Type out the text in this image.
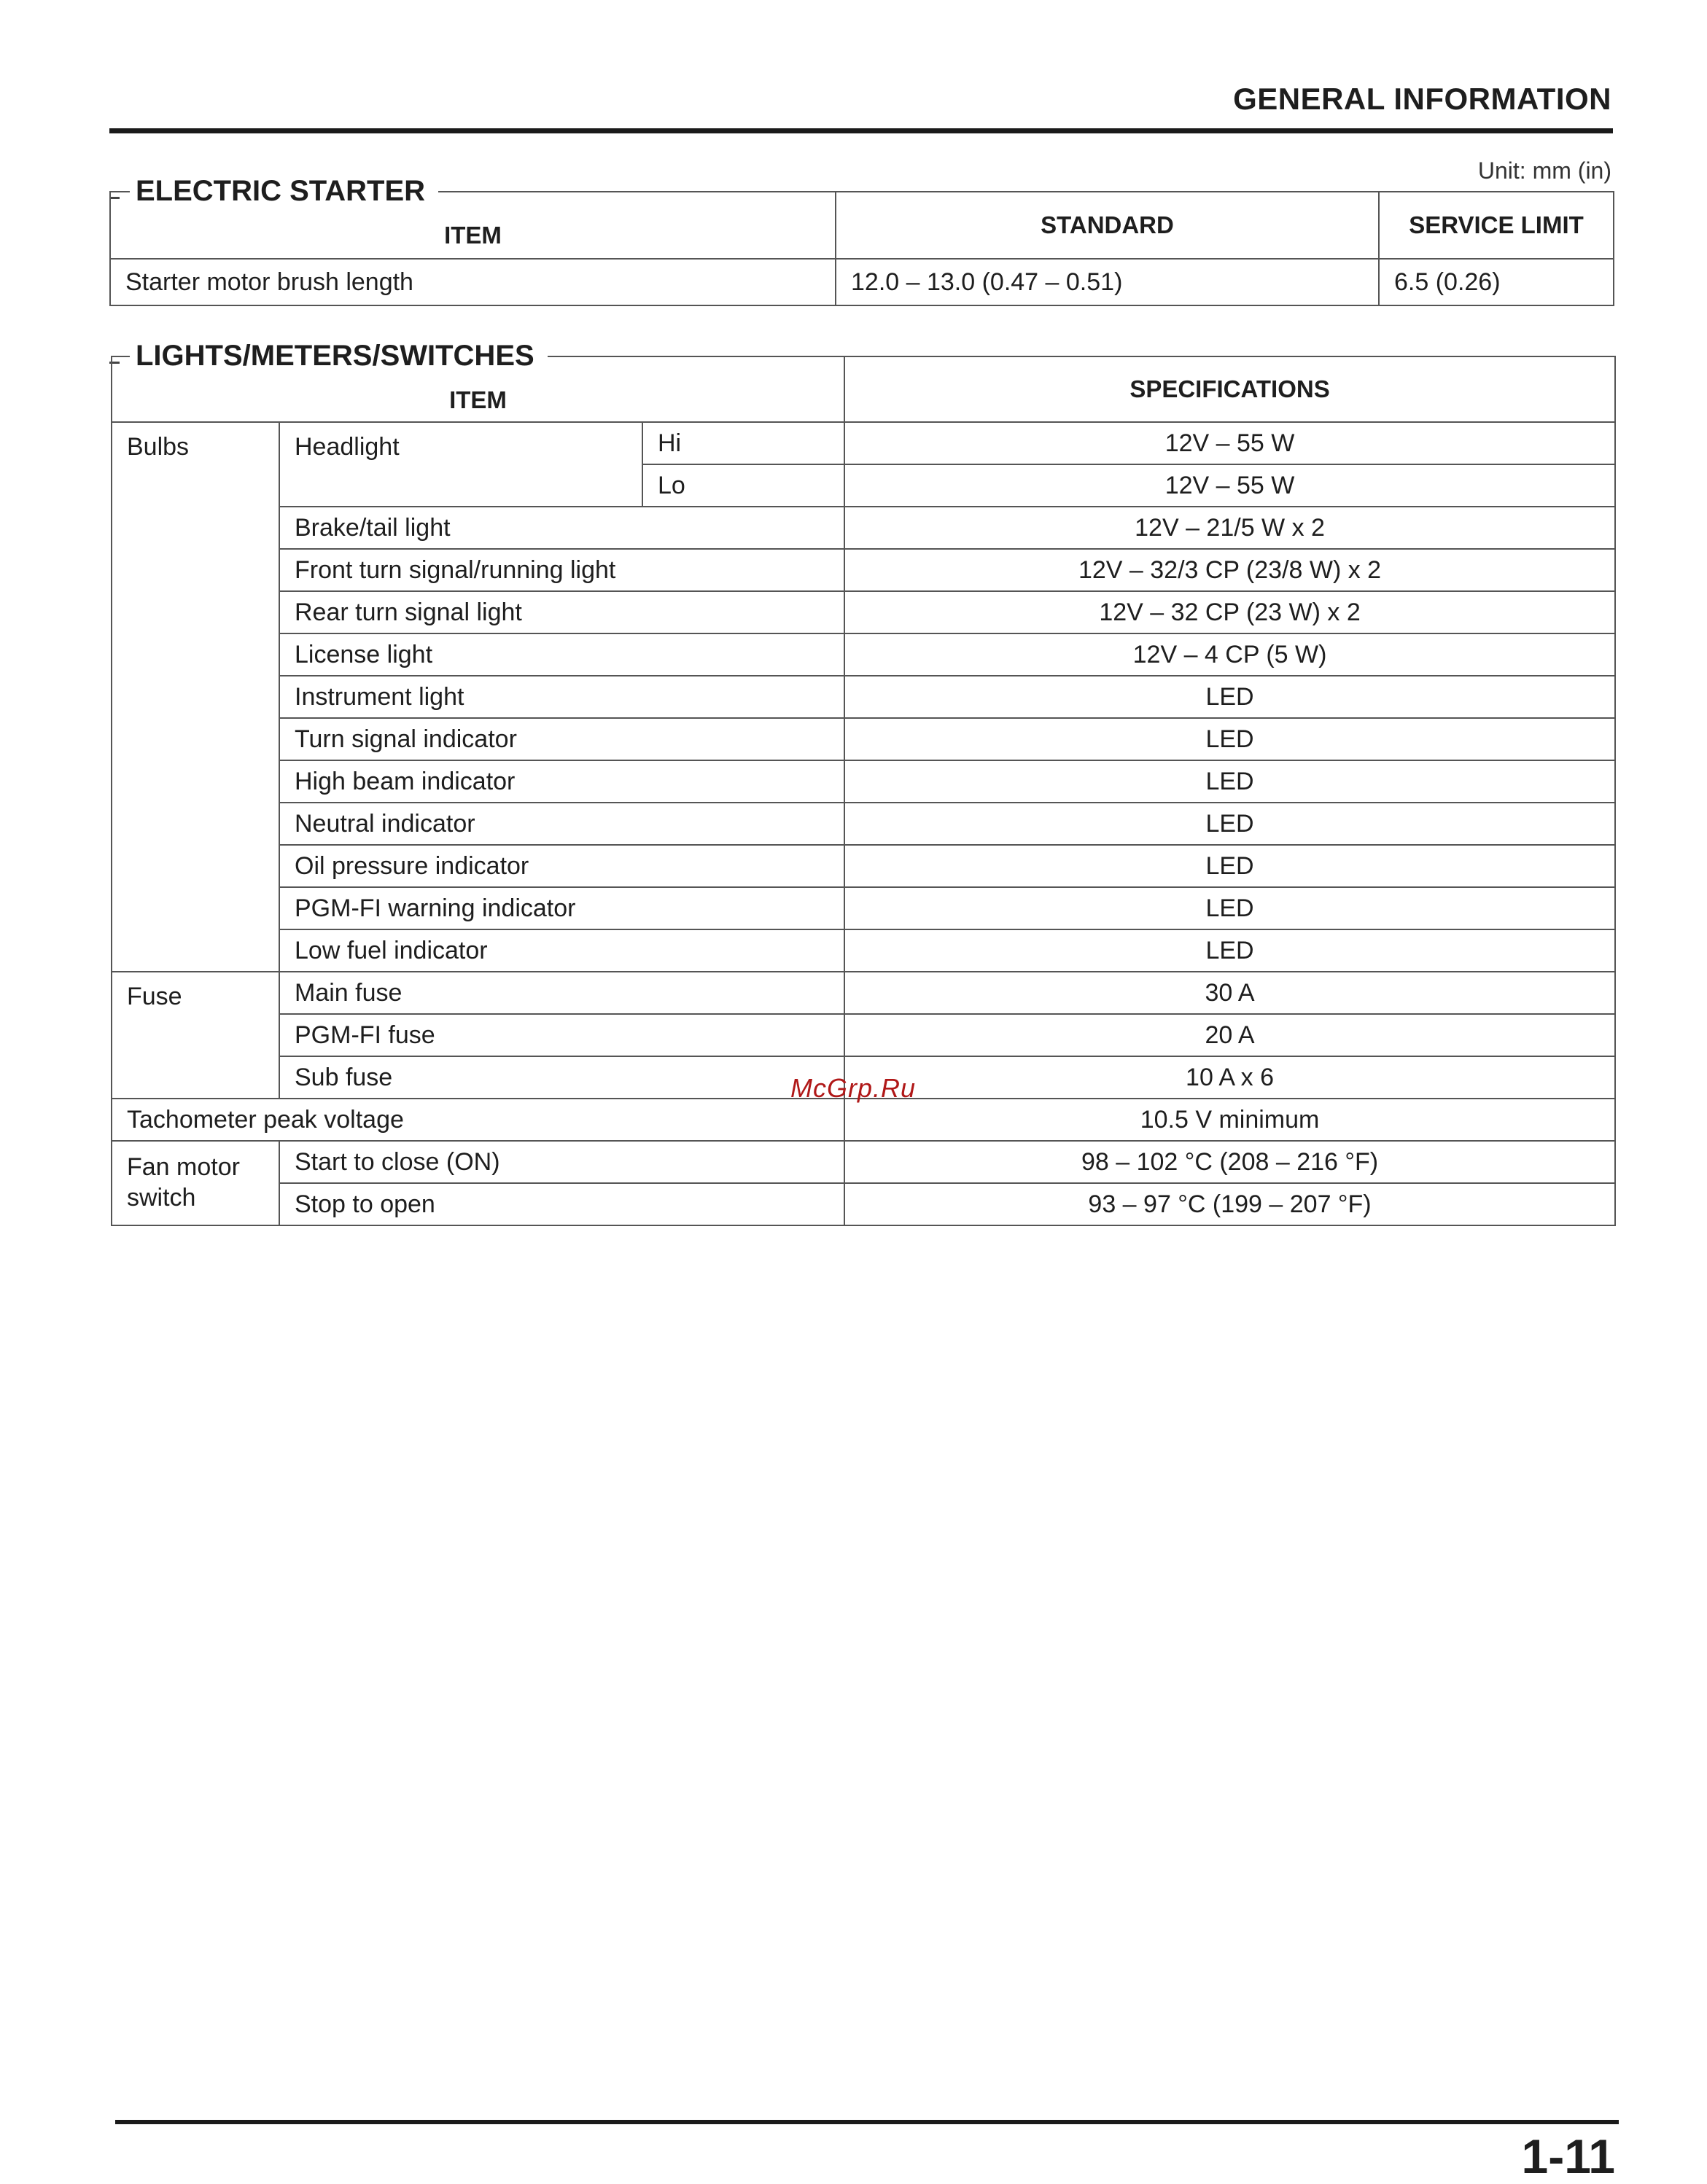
GENERAL INFORMATION
Unit: mm (in)
ITEM	STANDARD	SERVICE LIMIT
Starter motor brush length	12.0 – 13.0 (0.47 – 0.51)	6.5 (0.26)
ELECTRIC STARTER
ITEM			SPECIFICATIONS
Bulbs	Headlight	Hi	12V – 55 W
		Lo	12V – 55 W
	Brake/tail light		12V – 21/5 W x 2
	Front turn signal/running light		12V – 32/3 CP (23/8 W) x 2
	Rear turn signal light		12V – 32 CP (23 W) x 2
	License light		12V – 4 CP (5 W)
	Instrument light		LED
	Turn signal indicator		LED
	High beam indicator		LED
	Neutral indicator		LED
	Oil pressure indicator		LED
	PGM-FI warning indicator		LED
	Low fuel indicator		LED
Fuse	Main fuse		30 A
	PGM-FI fuse		20 A
	Sub fuse		10 A x 6
Tachometer peak voltage			10.5 V minimum
Fan motor switch	Start to close (ON)		98 – 102 °C (208 – 216 °F)
	Stop to open		93 – 97 °C (199 – 207 °F)
LIGHTS/METERS/SWITCHES
McGrp.Ru
1-11
